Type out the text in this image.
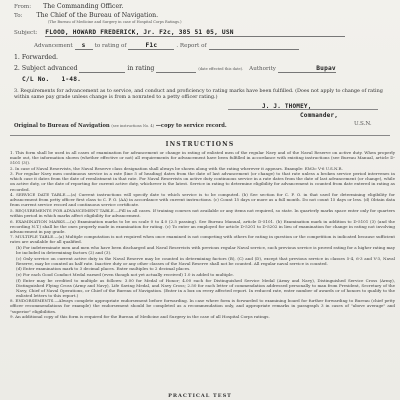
From: The Commanding Officer.
To: The Chief of the Bureau of Navigation.
(The Bureau of Medicine and Surgery in case of Hospital Corps Ratings.)
Subject: FLOOD, HOWARD FREDERICK, Jr. F2c, 385 51 05, USN
Advancement s to rating of	F1c	. Report of
1. Forwarded.
2. Subject advanced	in rating	(date effected this date). Authority	Bupav
C/L No. 1-48.
3. Requirements for advancement as to service, and conduct and proficiency to rating marks have been fulfilled. (Does not apply to change of rating within same pay grade unless change is from a nonrated to a petty officer rating.)
J. J. THOMEY,
Commander,
U.S.N.
Original to Bureau of Navigation (see instructions No. 4) —copy to service record.
INSTRUCTIONS

1. This form shall be used in all cases of examination for advancement or change in rating of enlisted men of the regular Navy and of the Naval Reserve on active duty. When properly made out, the information shown (whether effective or not) all requirements for advancement have been fulfilled in accordance with existing instructions (see Bureau Manual, article D-5101 (3)).

2. In case of Naval Reservists, the Naval Reserve class designation shall always be shown along with the rating wherever it appears. Example: EM3c V-6 U.S.N.R.

3. For regular Navy men continuous service in a rate (line 5 of heading) dates from the date of last advancement (or change) to that rate unless a broken service period intervenes in which case it dates from the date of reenlistment in that rate. For Naval Reservists on active duty continuous service in a rate dates from the date of last advancement (or change), while on active duty, or the date of reporting for current active duty, whichever is the latest. Service in rating to determine eligibility for advancement is counted from date entered in rating as recorded.

4. SERVICE DATE TABLE.—(a) Current instructions will specify date to which service is to be computed. (b) See section for C. P. O. in that used for determining eligibility for advancement from petty officer first class to C. P. O. (AA) in accordance with current instructions. (c) Count 15 days or more as a full month. Do not count 15 days or less. (d) Obtain data from current service record and continuous service certificate.

5. REQUIREMENTS FOR ADVANCEMENT TABLE.—Fill in all cases. If training courses not available or any items not required, so state. In quarterly marks space enter only for quarters within period in which marks affect eligibility for advancement.

6. EXAMINATION MARKS.—(a) Examination marks to be on scale 0 to 4.0 (2.5 passing). See Bureau Manual, article D-5101. (b) Examination mark in addition to D-5101 (3) (and the recording N.T.) shall be the ones properly made in examination for rating. (c) To enter an employed for article D-5201 to D-5202 in lieu of examination for change in rating not involving advancement in pay grade.

7. MULTIPLE TABLE.—(a) Multiple computation is not required when once examined is not competing with others for rating in question or the competition is indicated because sufficient rates are available for all qualified.

(b) For indeterminate men and men who have been discharged and Naval Reservists with previous regular Naval service, such previous service is proved rating for a higher rating may be included in determining factors (2) and (3).

(c) Only service on current active duty in the Naval Reserve may be counted in determining factors (B), (C) and (D), except that previous service in classes 5-4, 6-3 and V-3, Naval Reserve, may be counted as half rate. Inactive duty or any other classes of the Naval Reserve shall not be counted. All regular naval service is counted.

(d) Enter examination mark to 3 decimal places. Enter multiples to 2 decimal places.

(e) For each Good Conduct Medal earned (even though not yet actually received) 1.0 is added to multiple.

(f) Enter may be credited to multiple as follows: 3.00 for Medal of Honor; 4.00 each for Distinguished Service Medal (Army and Navy), Distinguished Service Cross (Army), Distinguished Flying Cross (Army and Navy), Life Saving Medal, and Navy Cross; 2.50 for each letter of commendation addressed personally to man from President, Secretary of the Navy, Chief of Naval Operations, or Chief of the Bureau of Navigation. (Enter in a box on every affected report. In reduced rate, enter number of awards or of honors to qualify to the enlisted letters to this report.)

8. ENDORSEMENTS.—Always complete appropriate endorsement before forwarding. In case where form is forwarded to examining board for further forwarding to Bureau (chief petty officer recommendations for example) the endorsement should be completed as a recommendation only, and appropriate remarks in paragraph 3 in cases of "above average" and "superior" eligibilities.

9. An additional copy of this form is required for the Bureau of Medicine and Surgery in the case of all Hospital Corps ratings.

PRACTICAL TEST
